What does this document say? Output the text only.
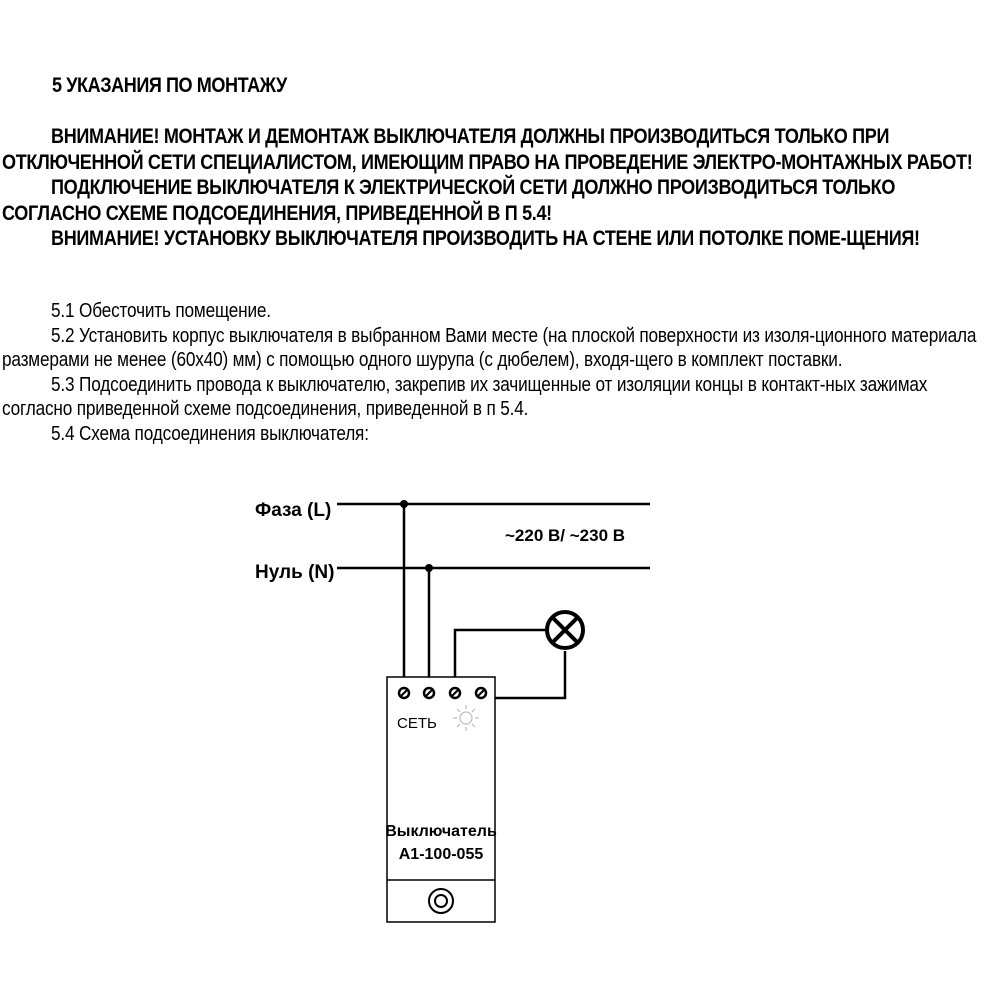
5 УКАЗАНИЯ ПО МОНТАЖУ

ВНИМАНИЕ! МОНТАЖ И ДЕМОНТАЖ ВЫКЛЮЧАТЕЛЯ ДОЛЖНЫ ПРОИЗВОДИТЬСЯ ТОЛЬКО ПРИ ОТКЛЮЧЕННОЙ СЕТИ СПЕЦИАЛИСТОМ, ИМЕЮЩИМ ПРАВО НА ПРОВЕДЕНИЕ ЭЛЕКТРО-МОНТАЖНЫХ РАБОТ!

ПОДКЛЮЧЕНИЕ ВЫКЛЮЧАТЕЛЯ К ЭЛЕКТРИЧЕСКОЙ СЕТИ ДОЛЖНО ПРОИЗВОДИТЬСЯ ТОЛЬКО СОГЛАСНО СХЕМЕ ПОДСОЕДИНЕНИЯ, ПРИВЕДЕННОЙ В П 5.4!

ВНИМАНИЕ! УСТАНОВКУ ВЫКЛЮЧАТЕЛЯ ПРОИЗВОДИТЬ НА СТЕНЕ ИЛИ ПОТОЛКЕ ПОМЕ-ЩЕНИЯ!

5.1 Обесточить помещение.

5.2 Установить корпус выключателя в выбранном Вами месте (на плоской поверхности из изоля-ционного материала размерами не менее (60х40) мм) с помощью одного шурупа (с дюбелем), входя-щего в комплект поставки.

5.3 Подсоединить провода к выключателю, закрепив их зачищенные от изоляции концы в контакт-ных зажимах согласно приведенной схеме подсоединения, приведенной в п 5.4.

5.4 Схема подсоединения выключателя:

Фаза (L)
Нуль (N)
~220 В/ ~230 В
СЕТЬ
Выключатель
А1-100-055
